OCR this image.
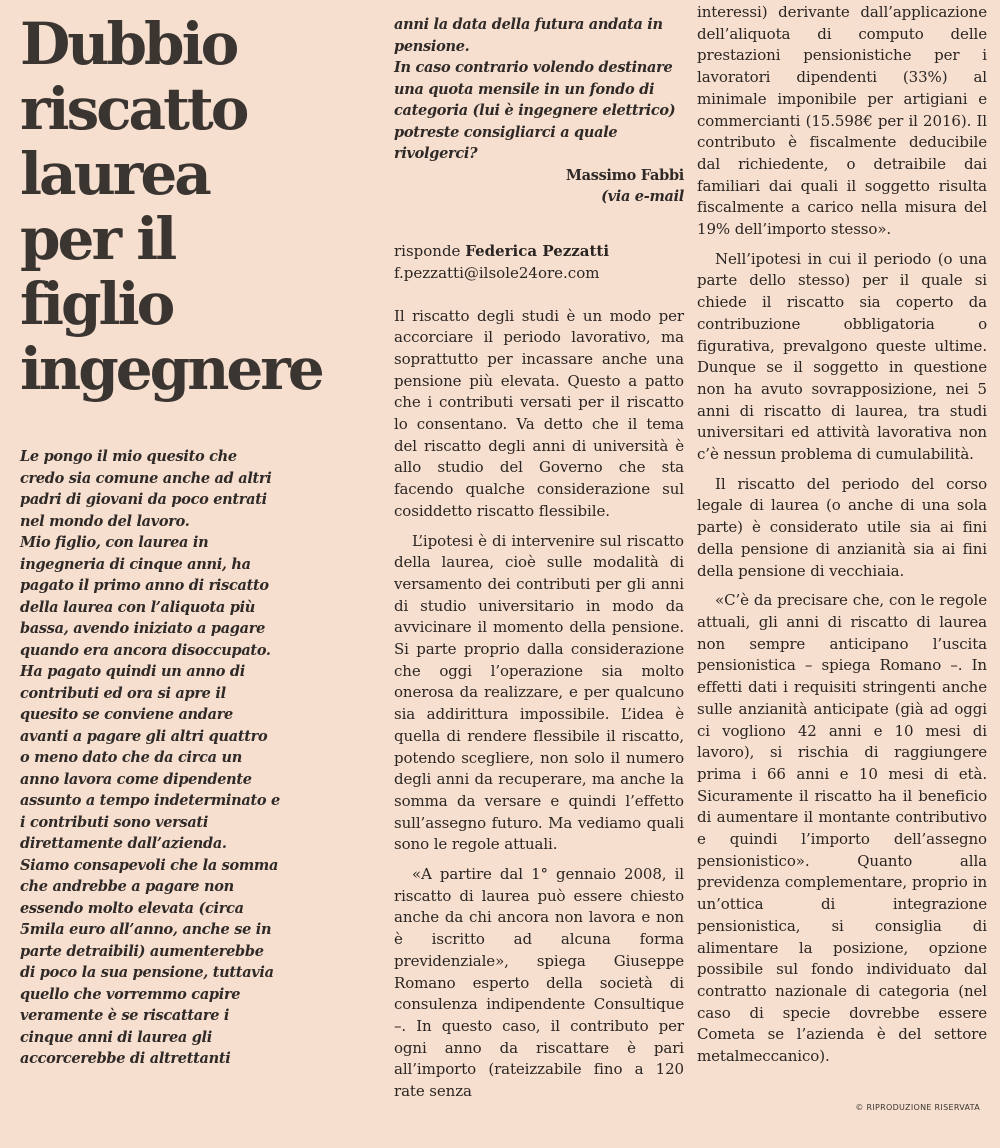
Dubbio
riscatto
laurea
per il
figlio
ingegnere

Le pongo il mio quesito che credo sia comune anche ad altri padri di giovani da poco entrati nel mondo del lavoro.

Mio figlio, con laurea in ingegneria di cinque anni, ha pagato il primo anno di riscatto della laurea con l’aliquota più bassa, avendo iniziato a pagare quando era ancora disoccupato.

Ha pagato quindi un anno di contributi ed ora si apre il quesito se conviene andare avanti a pagare gli altri quattro o meno dato che da circa un anno lavora come dipendente assunto a tempo indeterminato e i contributi sono versati direttamente dall’azienda.

Siamo consapevoli che la somma che andrebbe a pagare non essendo molto elevata (circa 5mila euro all’anno, anche se in parte detraibili) aumenterebbe di poco la sua pensione, tuttavia quello che vorremmo capire veramente è se riscattare i cinque anni di laurea gli accorcerebbe di altrettanti

anni la data della futura andata in pensione.

In caso contrario volendo destinare una quota mensile in un fondo di categoria (lui è ingegnere elettrico) potreste consigliarci a quale rivolgerci?

Massimo Fabbi
(via e-mail
risponde Federica Pezzatti
f.pezzatti@ilsole24ore.com

Il riscatto degli studi è un modo per accorciare il periodo lavorativo, ma soprattutto per incassare anche una pensione più elevata. Questo a patto che i contributi versati per il riscatto lo consentano. Va detto che il tema del riscatto degli anni di università è allo studio del Governo che sta facendo qualche considerazione sul cosiddetto riscatto flessibile.

L’ipotesi è di intervenire sul riscatto della laurea, cioè sulle modalità di versamento dei contributi per gli anni di studio universitario in modo da avvicinare il momento della pensione. Si parte proprio dalla considerazione che oggi l’operazione sia molto onerosa da realizzare, e per qualcuno sia addirittura impossibile. L’idea è quella di rendere flessibile il riscatto, potendo scegliere, non solo il numero degli anni da recuperare, ma anche la somma da versare e quindi l’effetto sull’assegno futuro. Ma vediamo quali sono le regole attuali.

«A partire dal 1° gennaio 2008, il riscatto di laurea può essere chiesto anche da chi ancora non lavora e non è iscritto ad alcuna forma previdenziale», spiega Giuseppe Romano esperto della società di consulenza indipendente Consultique –. In questo caso, il contributo per ogni anno da riscattare è pari all’importo (rateizzabile fino a 120 rate senza

interessi) derivante dall’applicazione dell’aliquota di computo delle prestazioni pensionistiche per i lavoratori dipendenti (33%) al minimale imponibile per artigiani e commercianti (15.598€ per il 2016). Il contributo è fiscalmente deducibile dal richiedente, o detraibile dai familiari dai quali il soggetto risulta fiscalmente a carico nella misura del 19% dell’importo stesso».

Nell’ipotesi in cui il periodo (o una parte dello stesso) per il quale si chiede il riscatto sia coperto da contribuzione obbligatoria o figurativa, prevalgono queste ultime. Dunque se il soggetto in questione non ha avuto sovrapposizione, nei 5 anni di riscatto di laurea, tra studi universitari ed attività lavorativa non c’è nessun problema di cumulabilità.

Il riscatto del periodo del corso legale di laurea (o anche di una sola parte) è considerato utile sia ai fini della pensione di anzianità sia ai fini della pensione di vecchiaia.

«C’è da precisare che, con le regole attuali, gli anni di riscatto di laurea non sempre anticipano l’uscita pensionistica – spiega Romano –. In effetti dati i requisiti stringenti anche sulle anzianità anticipate (già ad oggi ci vogliono 42 anni e 10 mesi di lavoro), si rischia di raggiungere prima i 66 anni e 10 mesi di età. Sicuramente il riscatto ha il beneficio di aumentare il montante contributivo e quindi l’importo dell’assegno pensionistico». Quanto alla previdenza complementare, proprio in un’ottica di integrazione pensionistica, si consiglia di alimentare la posizione, opzione possibile sul fondo individuato dal contratto nazionale di categoria (nel caso di specie dovrebbe essere Cometa se l’azienda è del settore metalmeccanico).

© RIPRODUZIONE RISERVATA
